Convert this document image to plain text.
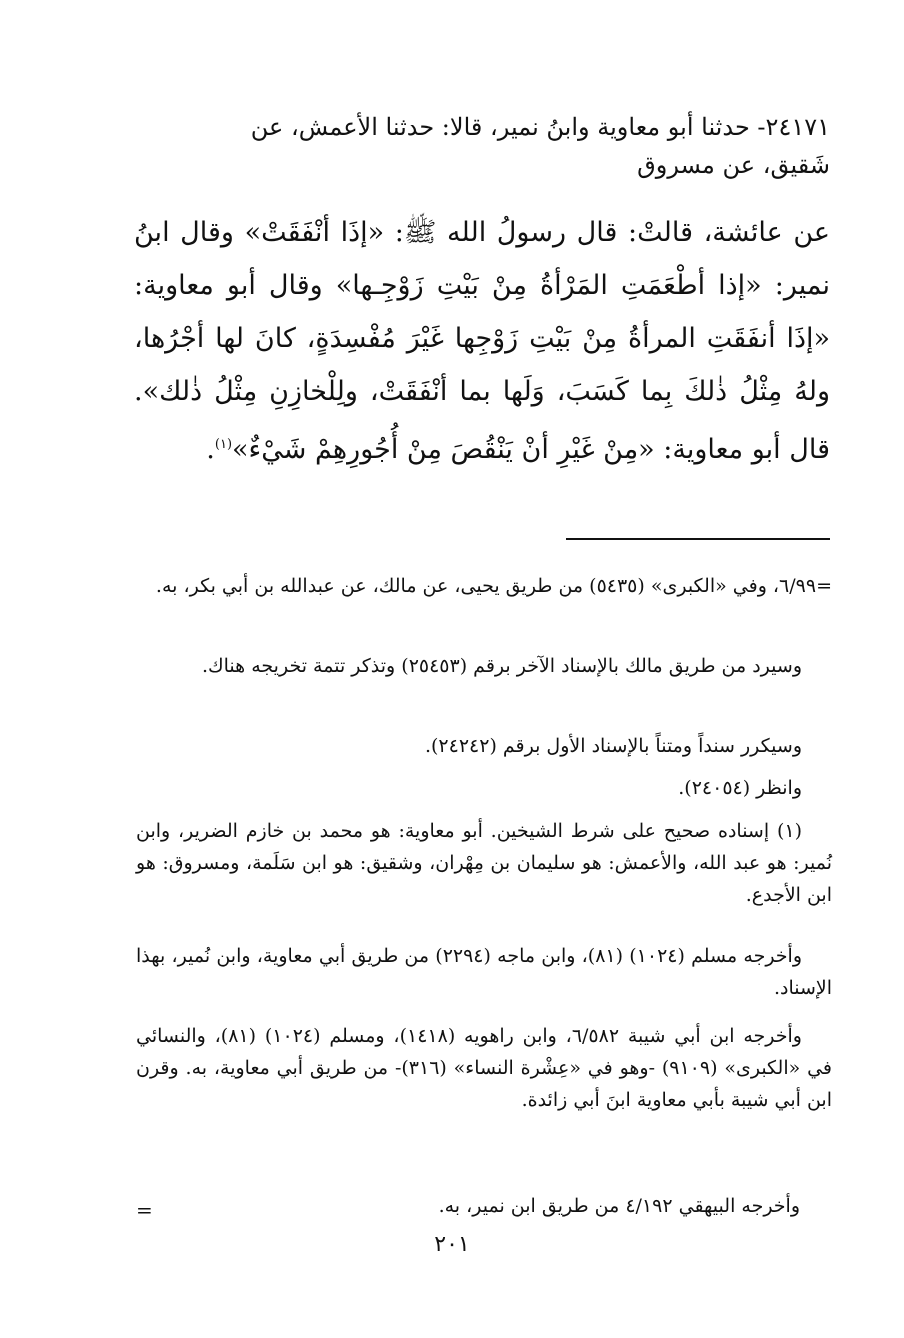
٢٤١٧١- حدثنا أبو معاوية وابنُ نمير، قالا: حدثنا الأعمش، عن
شَقيق، عن مسروق
عن عائشة، قالتْ: قال رسولُ الله ﷺ: «إذَا أنْفَقَتْ» وقال ابنُ نمير: «إذا أطْعَمَتِ المَرْأةُ مِنْ بَيْتِ زَوْجِـها» وقال أبو معاوية: «إذَا أنفَقَتِ المرأةُ مِنْ بَيْتِ زَوْجِها غَيْرَ مُفْسِدَةٍ، كانَ لها أجْرُها، ولهُ مِثْلُ ذٰلكَ بِما كَسَبَ، وَلَها بما أنْفَقَتْ، ولِلْخازِنِ مِثْلُ ذٰلك». قال أبو معاوية: «مِنْ غَيْرِ أنْ يَنْقُصَ مِنْ أُجُورِهِمْ شَيْءٌ»$^{(١)}$.
=٦/٩٩، وفي «الكبرى» (٥٤٣٥) من طريق يحيى، عن مالك، عن عبدالله بن أبي بكر، به.
وسيرد من طريق مالك بالإسناد الآخر برقم (٢٥٤٥٣) وتذكر تتمة تخريجه هناك.
وسيكرر سنداً ومتناً بالإسناد الأول برقم (٢٤٢٤٢).
وانظر (٢٤٠٥٤).
(١) إسناده صحيح على شرط الشيخين. أبو معاوية: هو محمد بن خازم الضرير، وابن نُمير: هو عبد الله، والأعمش: هو سليمان بن مِهْران، وشقيق: هو ابن سَلَمة، ومسروق: هو ابن الأجدع.
وأخرجه مسلم (١٠٢٤) (٨١)، وابن ماجه (٢٢٩٤) من طريق أبي معاوية، وابن نُمير، بهذا الإسناد.
وأخرجه ابن أبي شيبة ٦/٥٨٢، وابن راهويه (١٤١٨)، ومسلم (١٠٢٤) (٨١)، والنسائي في «الكبرى» (٩١٠٩) -وهو في «عِشْرة النساء» (٣١٦)- من طريق أبي معاوية، به. وقرن ابن أبي شيبة بأبي معاوية ابنَ أبي زائدة.
وأخرجه البيهقي ٤/١٩٢ من طريق ابن نمير، به.
=
٢٠١
